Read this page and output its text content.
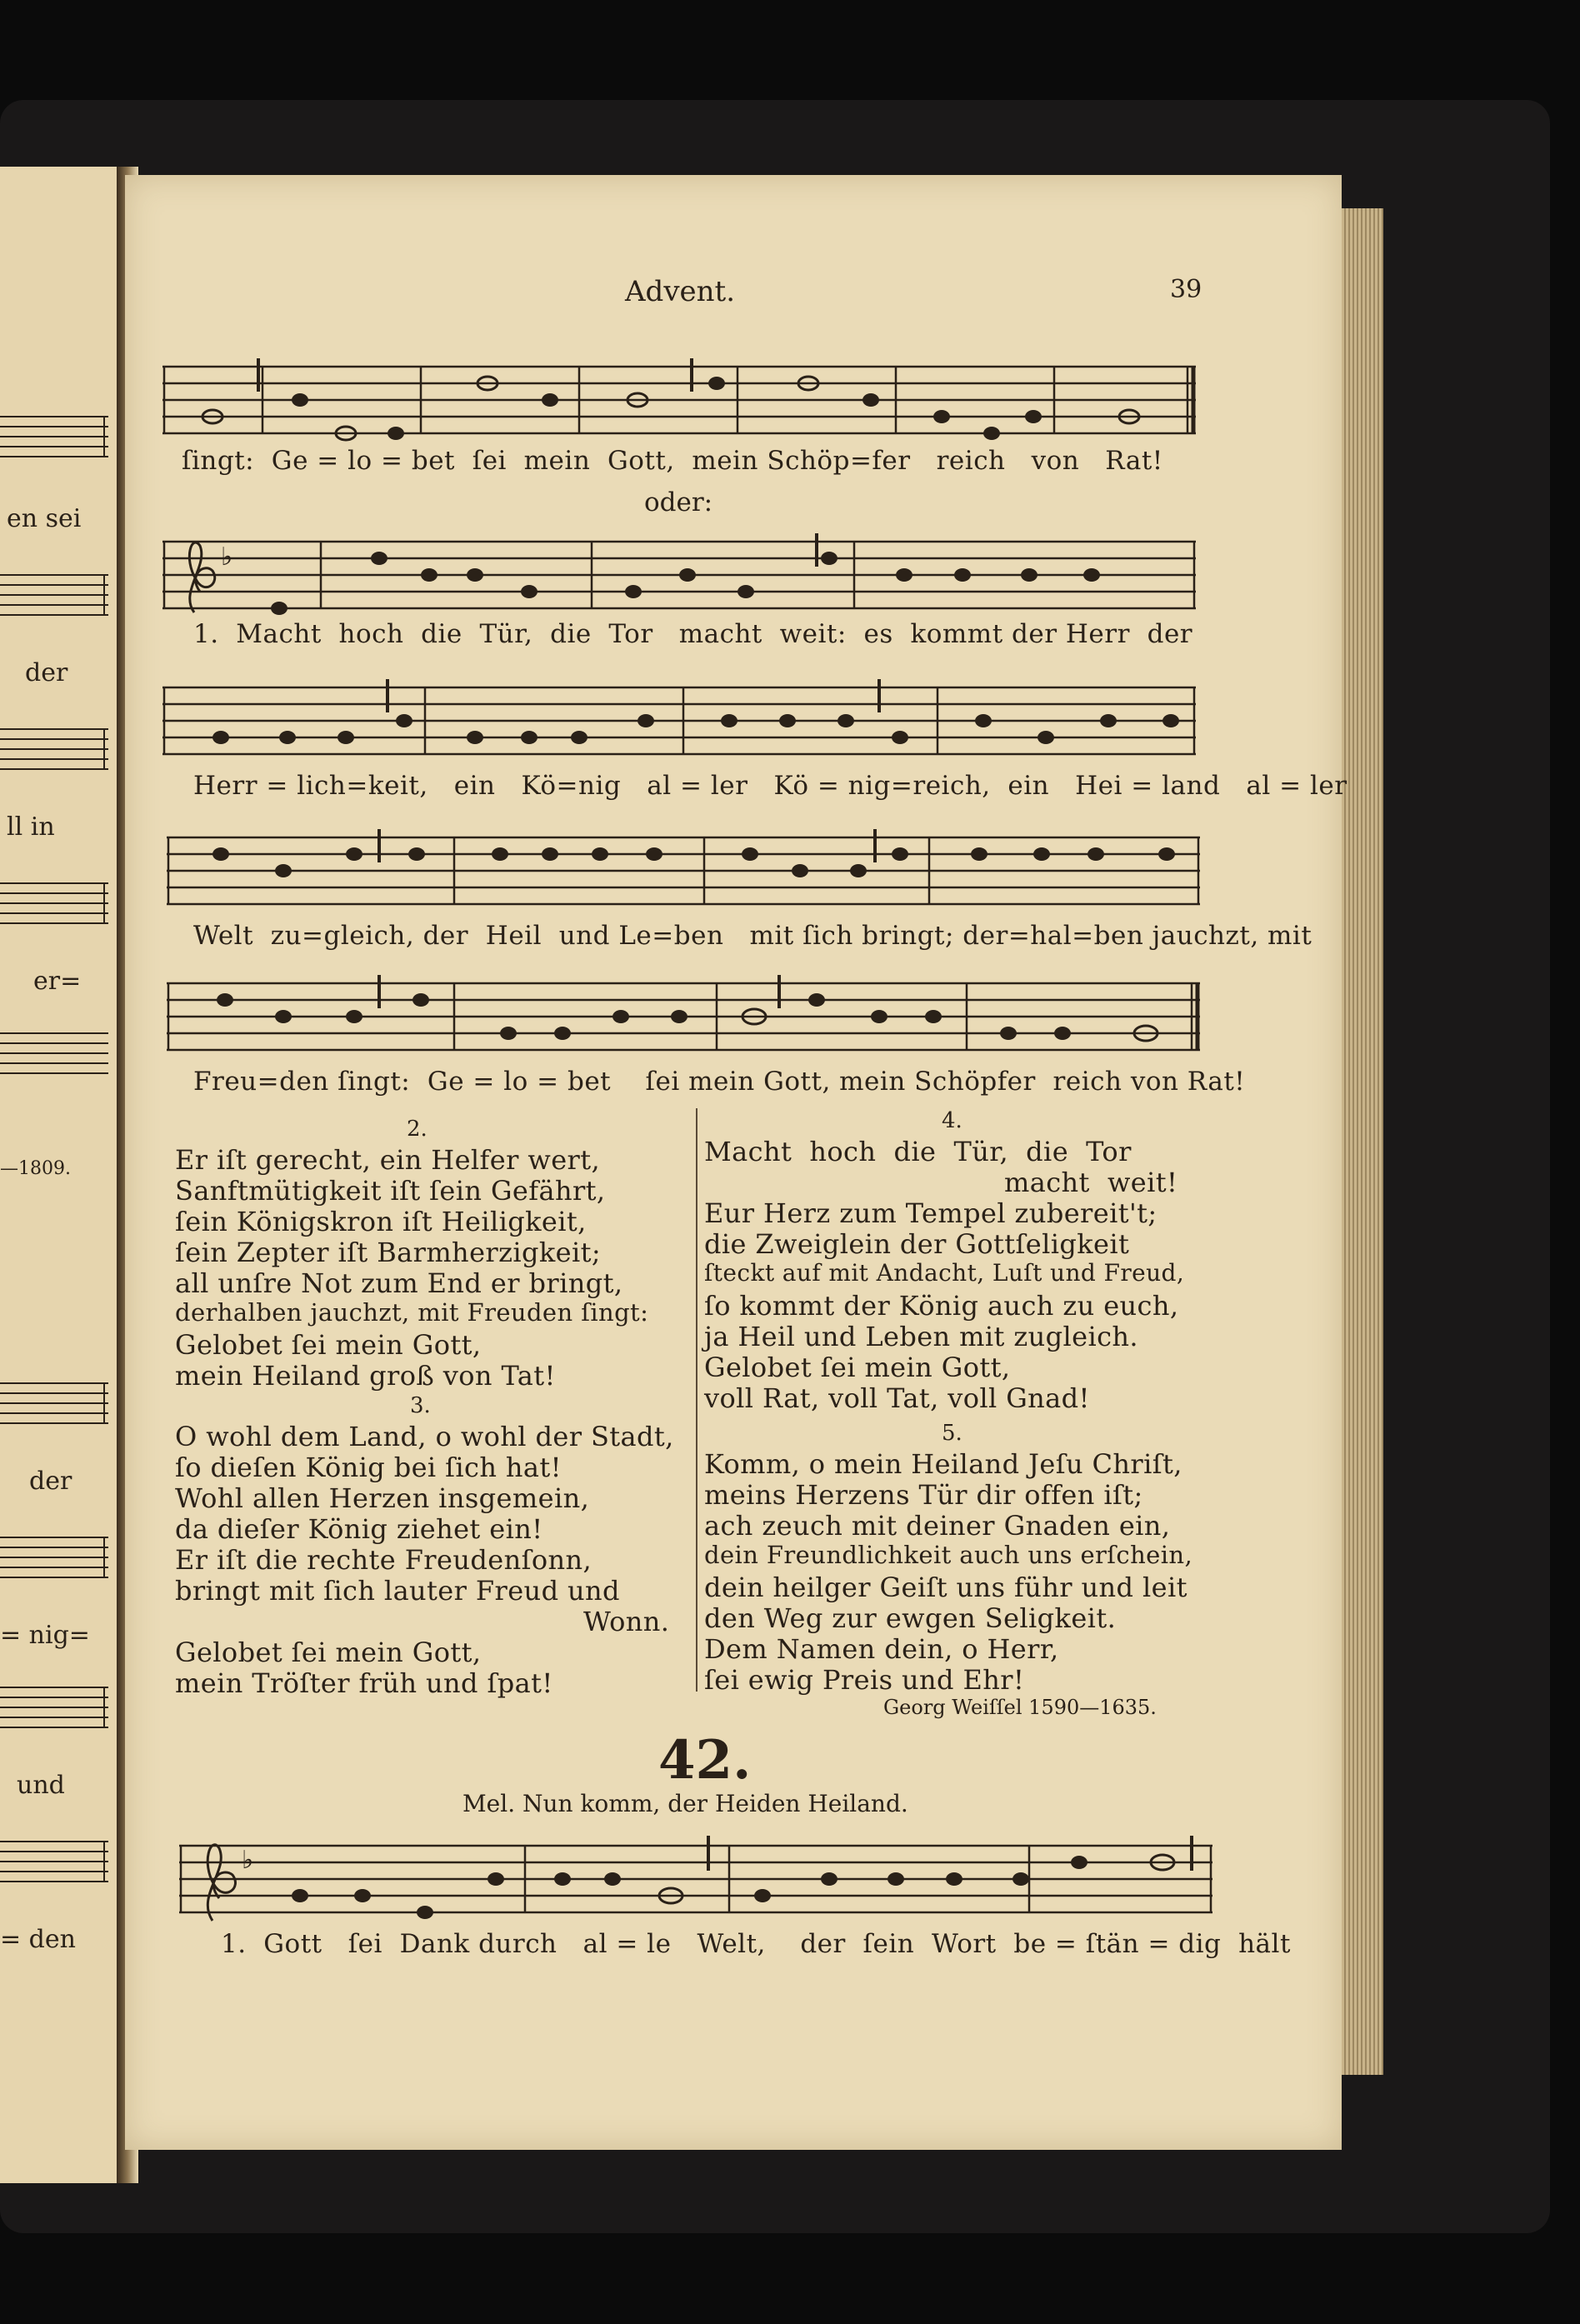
en sei
der
ll in
er=
—1809.
der
= nig=
und
= den
Advent.	39
ſingt:  Ge = lo = bet  ſei  mein  Gott,  mein Schöp=fer   reich   von   Rat!
oder:
♭
1.  Macht  hoch  die  Tür,  die  Tor   macht  weit:  es  kommt der Herr  der
Herr = lich=keit,   ein   Kö=nig   al = ler   Kö = nig=reich,  ein   Hei = land   al = ler
Welt  zu=gleich, der  Heil  und Le=ben   mit ſich bringt; der=hal=ben jauchzt, mit
Freu=den ſingt:  Ge = lo = bet    ſei mein Gott, mein Schöpfer  reich von Rat!
2.
Er iſt gerecht, ein Helfer wert,
Sanftmütigkeit iſt ſein Gefährt,
ſein Königskron iſt Heiligkeit,
ſein Zepter iſt Barmherzigkeit;
all unſre Not zum End er bringt,
derhalben jauchzt, mit Freuden ſingt:
Gelobet ſei mein Gott,
mein Heiland groß von Tat!
3.
O wohl dem Land, o wohl der Stadt,
ſo dieſen König bei ſich hat!
Wohl allen Herzen insgemein,
da dieſer König ziehet ein!
Er iſt die rechte Freudenſonn,
bringt mit ſich lauter Freud und
Wonn.
Gelobet ſei mein Gott,
mein Tröſter früh und ſpat!
4.
Macht  hoch  die  Tür,  die  Tor
macht  weit!
Eur Herz zum Tempel zubereit't;
die Zweiglein der Gottſeligkeit
ſteckt auf mit Andacht, Luſt und Freud,
ſo kommt der König auch zu euch,
ja Heil und Leben mit zugleich.
Gelobet ſei mein Gott,
voll Rat, voll Tat, voll Gnad!
5.
Komm, o mein Heiland Jeſu Chriſt,
meins Herzens Tür dir offen iſt;
ach zeuch mit deiner Gnaden ein,
dein Freundlichkeit auch uns erſchein,
dein heilger Geiſt uns führ und leit
den Weg zur ewgen Seligkeit.
Dem Namen dein, o Herr,
ſei ewig Preis und Ehr!
Georg Weiſſel 1590—1635.
42.
Mel. Nun komm, der Heiden Heiland.
♭
1.  Gott   ſei  Dank durch   al = le   Welt,    der  ſein  Wort  be = ſtän = dig  hält
